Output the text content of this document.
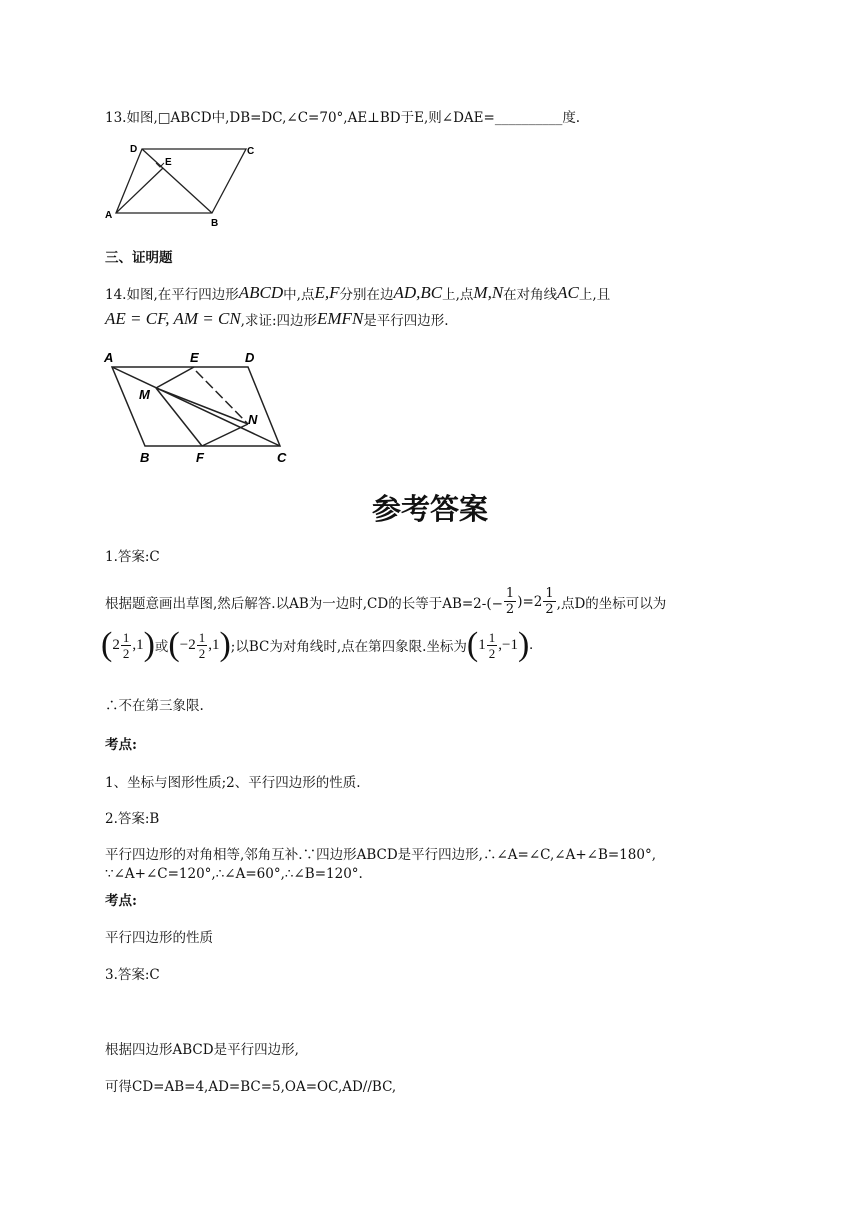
13.如图,□ABCD中,DB=DC,∠C=70°,AE⊥BD于E,则∠DAE=__________度.
D	C
E
A
B
三、证明题
14.如图,在平行四边形 ABCD 中,点 E,F 分别在边 AD,BC 上,点 M,N 在对角线 AC 上,且
AE = CF, AM = CN ,求证:四边形 EMFN 是平行四边形.
A	E	D
M
N
B	F	C
参考答案
1.答案:C
根据题意画出草图,然后解答.以AB为一边时,CD的长等于$AB=2-(- \frac{1}{2} )=2 \frac{1}{2}$ ,点D的坐标可以为
( $2 \frac{1}{2} ,1$ ) 或 ( $-2 \frac{1}{2} ,1$ ) ;以BC为对角线时,点在第四象限.坐标为 ( $1 \frac{1}{2} ,-1$ ) .
∴不在第三象限.
考点:
1、坐标与图形性质;2、平行四边形的性质.
2.答案:B
平行四边形的对角相等,邻角互补.∵四边形ABCD是平行四边形,∴∠A=∠C,∠A+∠B=180°,
∵∠A+∠C=120°,∴∠A=60°,∴∠B=120°.
考点:
平行四边形的性质
3.答案:C
根据四边形ABCD是平行四边形,
可得CD=AB=4,AD=BC=5,OA=OC,AD//BC,
